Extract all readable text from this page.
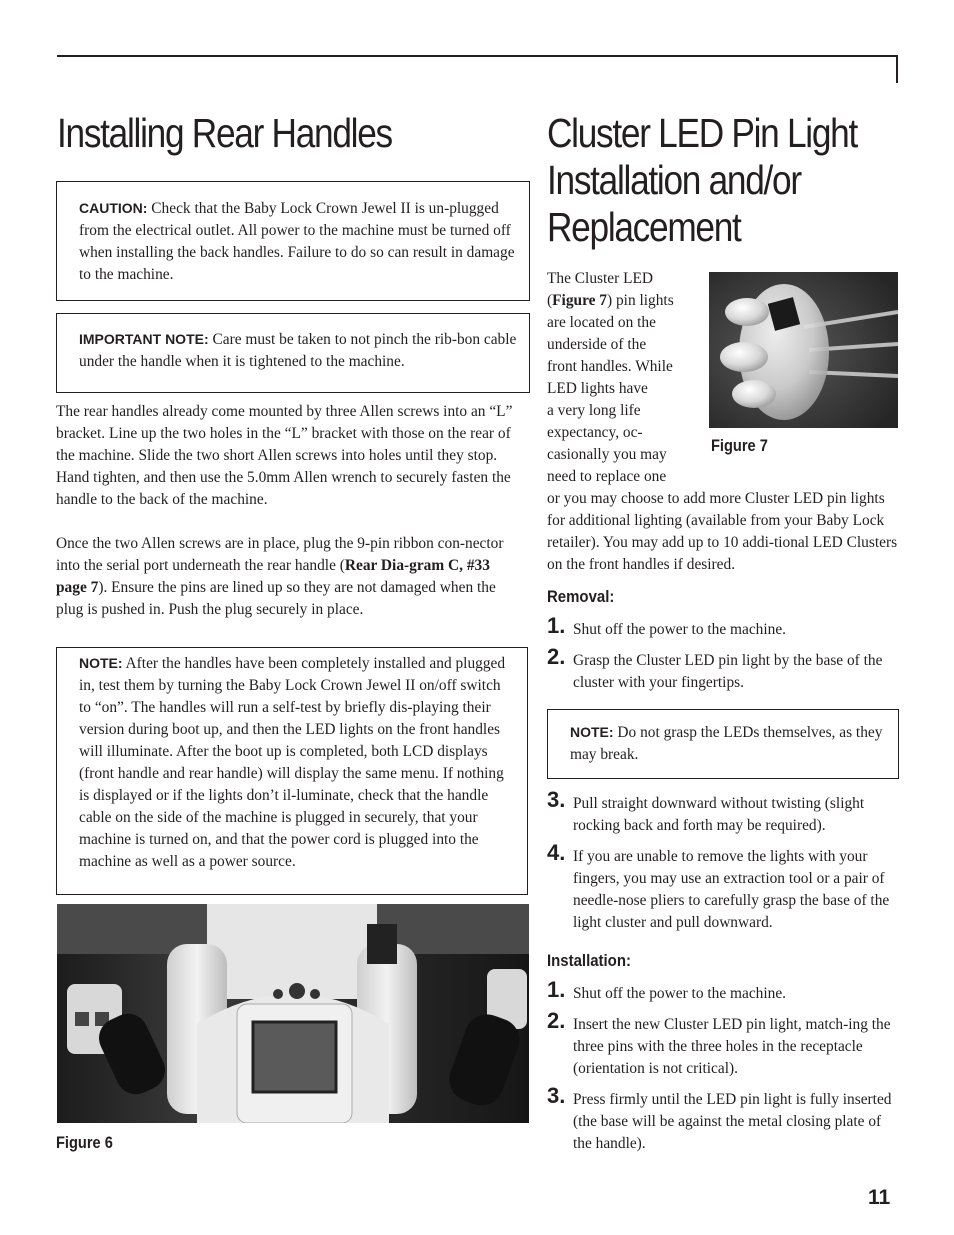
Installing Rear Handles
CAUTION: Check that the Baby Lock Crown Jewel II is un-plugged from the electrical outlet. All power to the machine must be turned off when installing the back handles. Failure to do so can result in damage to the machine.
IMPORTANT NOTE: Care must be taken to not pinch the rib-bon cable under the handle when it is tightened to the machine.

The rear handles already come mounted by three Allen screws into an “L” bracket. Line up the two holes in the “L” bracket with those on the rear of the machine. Slide the two short Allen screws into holes until they stop. Hand tighten, and then use the 5.0mm Allen wrench to securely fasten the handle to the back of the machine.

Once the two Allen screws are in place, plug the 9-pin ribbon con-nector into the serial port underneath the rear handle (Rear Dia-gram C, #33 page 7). Ensure the pins are lined up so they are not damaged when the plug is pushed in. Push the plug securely in place.

NOTE: After the handles have been completely installed and plugged in, test them by turning the Baby Lock Crown Jewel II on/off switch to “on”. The handles will run a self-test by briefly dis-playing their version during boot up, and then the LED lights on the front handles will illuminate. After the boot up is completed, both LCD displays (front handle and rear handle) will display the same menu. If nothing is displayed or if the lights don’t il-luminate, check that the handle cable on the side of the machine is plugged in securely, that your machine is turned on, and that the power cord is plugged into the machine as well as a power source.

Figure 6

Cluster LED Pin Light
Installation and/or
Replacement
The Cluster LED
(Figure 7) pin lights
are located on the
underside of the
front handles. While
LED lights have
a very long life
expectancy, oc-
casionally you may
need to replace one

or you may choose to add more Cluster LED pin lights for additional lighting (available from your Baby Lock retailer). You may add up to 10 addi-tional LED Clusters on the front handles if desired.

Figure 7

Removal:

1. Shut off the power to the machine.
2. Grasp the Cluster LED pin light by the base of the cluster with your fingertips.
NOTE: Do not grasp the LEDs themselves, as they may break.
3. Pull straight downward without twisting (slight rocking back and forth may be required).
4. If you are unable to remove the lights with your fingers, you may use an extraction tool or a pair of needle-nose pliers to carefully grasp the base of the light cluster and pull downward.

Installation:

1. Shut off the power to the machine.
2. Insert the new Cluster LED pin light, match-ing the three pins with the three holes in the receptacle (orientation is not critical).
3. Press firmly until the LED pin light is fully inserted (the base will be against the metal closing plate of the handle).
11
